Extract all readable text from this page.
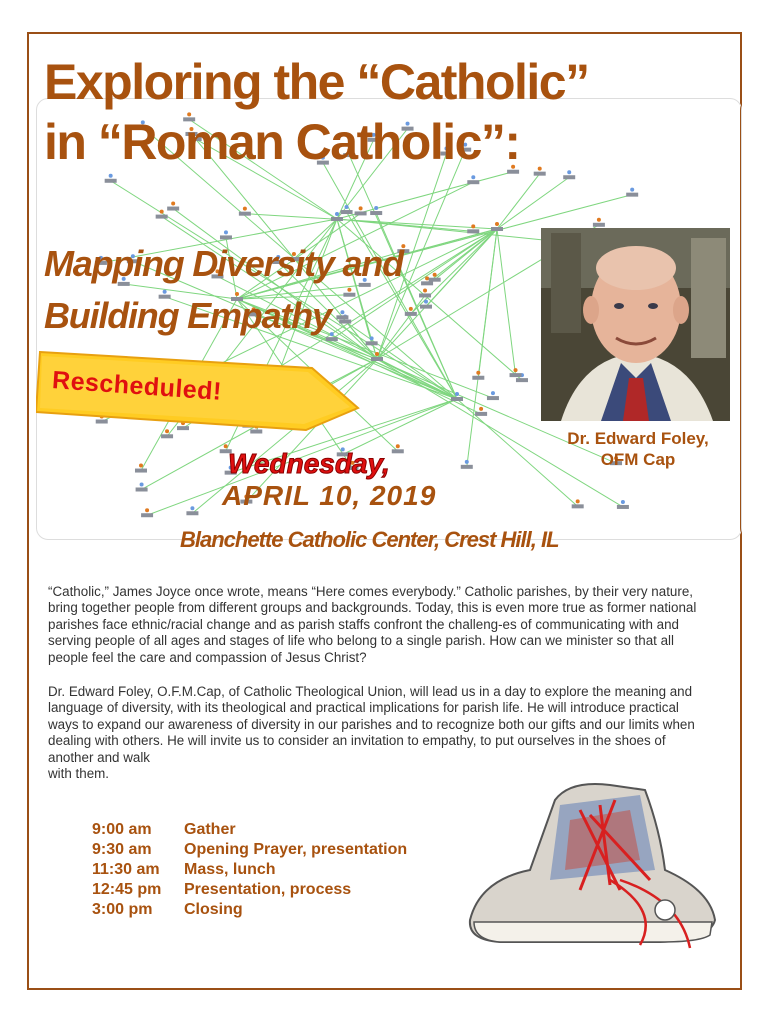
Exploring the “Catholic”
in “Roman Catholic”:
Mapping Diversity and
Building Empathy
Rescheduled!
Dr. Edward Foley,
OFM Cap

Wednesday,

APRIL 10, 2019

Blanchette Catholic Center, Crest Hill, IL

“Catholic,” James Joyce once wrote, means “Here comes everybody.” Catholic parishes, by their very nature, bring together people from different groups and backgrounds. Today, this is even more true as former national parishes face ethnic/racial change and as parish staffs confront the challeng-es of communicating with and serving people of all ages and stages of life who belong to a single parish. How can we minister so that all people feel the care and compassion of Jesus Christ?

Dr. Edward Foley, O.F.M.Cap, of Catholic Theological Union, will lead us in a day to explore the meaning and language of diversity, with its theological and practical implications for parish life. He will introduce practical ways to expand our awareness of diversity in our parishes and to recognize both our gifts and our limits when dealing with others. He will invite us to consider an invitation to empathy, to put ourselves in the shoes of another and walk
with them.

9:00 am	Gather
9:30 am	Opening Prayer, presentation
11:30 am	Mass, lunch
12:45 pm	Presentation, process
3:00 pm	Closing
